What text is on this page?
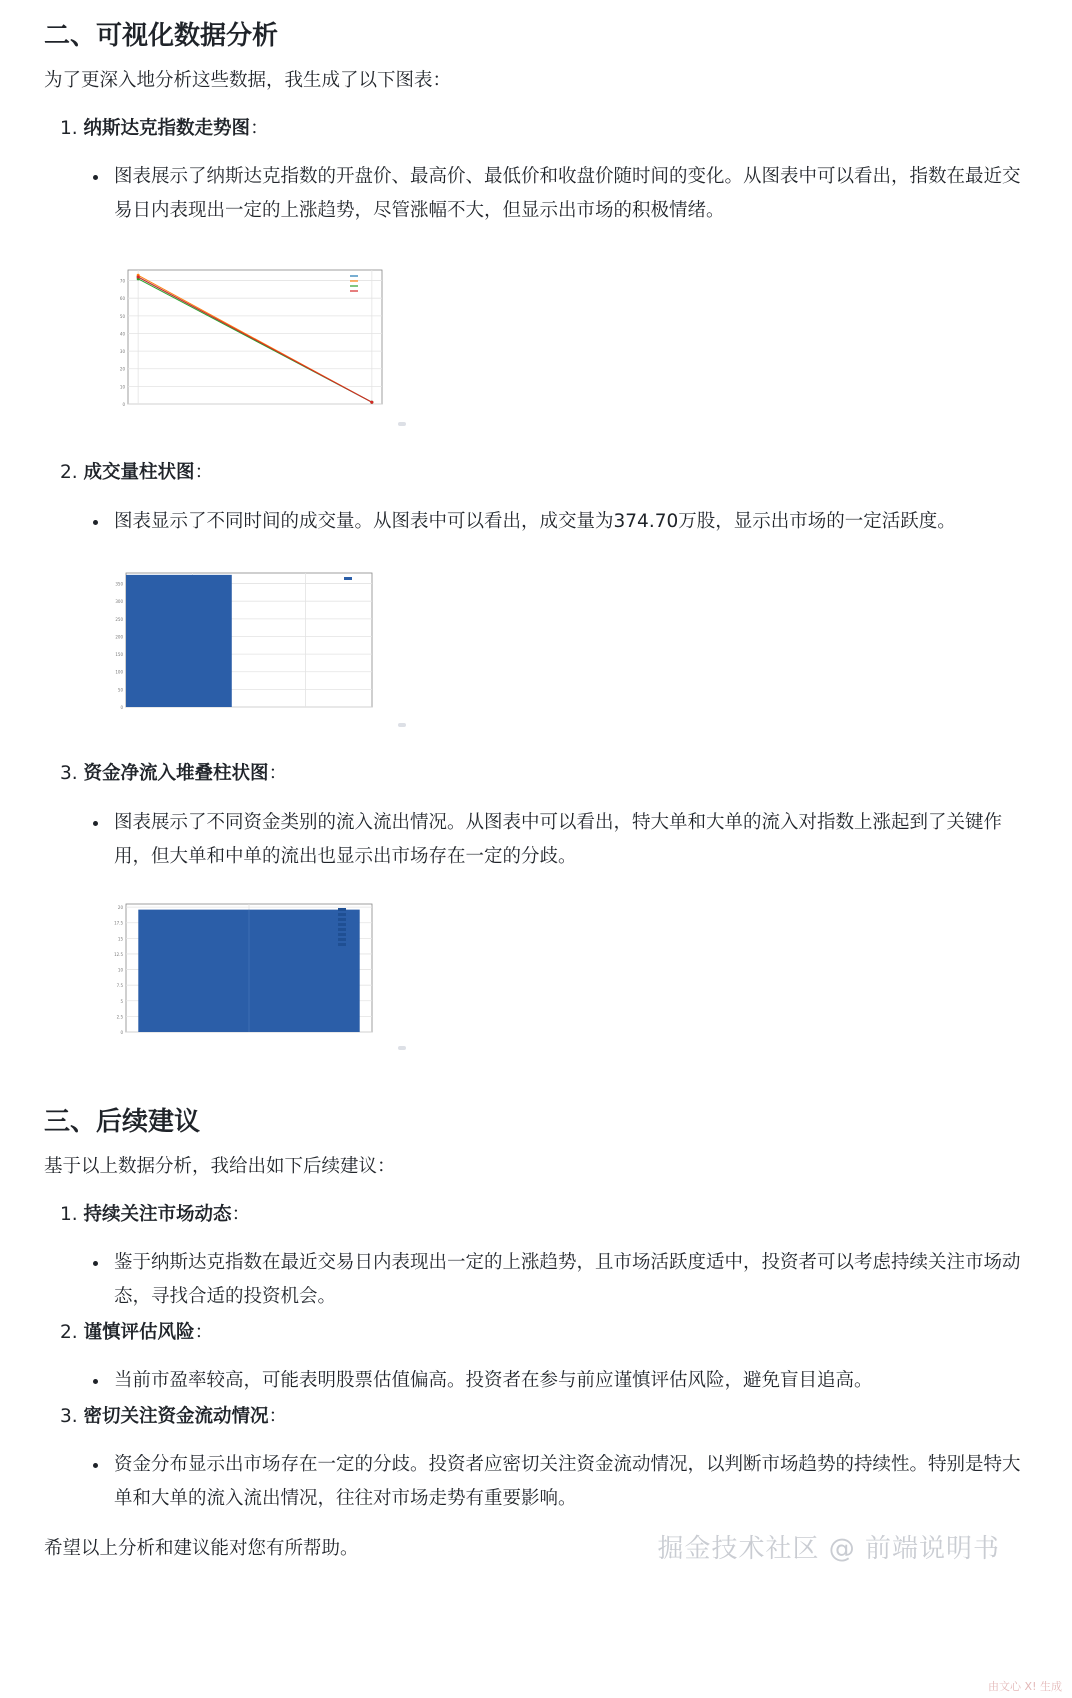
二、可视化数据分析

为了更深入地分析这些数据，我生成了以下图表：

1. 纳斯达克指数走势图：
• 图表展示了纳斯达克指数的开盘价、最高价、最低价和收盘价随时间的变化。从图表中可以看出，指数在最近交易日内表现出一定的上涨趋势，尽管涨幅不大，但显示出市场的积极情绪。
0
10
20
30
40
50
60
70
2. 成交量柱状图：
• 图表显示了不同时间的成交量。从图表中可以看出，成交量为374.70万股，显示出市场的一定活跃度。
0
50
100
150
200
250
300
350
3. 资金净流入堆叠柱状图：
• 图表展示了不同资金类别的流入流出情况。从图表中可以看出，特大单和大单的流入对指数上涨起到了关键作用，但大单和中单的流出也显示出市场存在一定的分歧。
0
2.5
5
7.5
10
12.5
15
17.5
20
三、后续建议

基于以上数据分析，我给出如下后续建议：

1. 持续关注市场动态：
• 鉴于纳斯达克指数在最近交易日内表现出一定的上涨趋势，且市场活跃度适中，投资者可以考虑持续关注市场动态，寻找合适的投资机会。
2. 谨慎评估风险：
• 当前市盈率较高，可能表明股票估值偏高。投资者在参与前应谨慎评估风险，避免盲目追高。
3. 密切关注资金流动情况：
• 资金分布显示出市场存在一定的分歧。投资者应密切关注资金流动情况，以判断市场趋势的持续性。特别是特大单和大单的流入流出情况，往往对市场走势有重要影响。

希望以上分析和建议能对您有所帮助。	掘金技术社区 @ 前端说明书
由文心 X! 生成
